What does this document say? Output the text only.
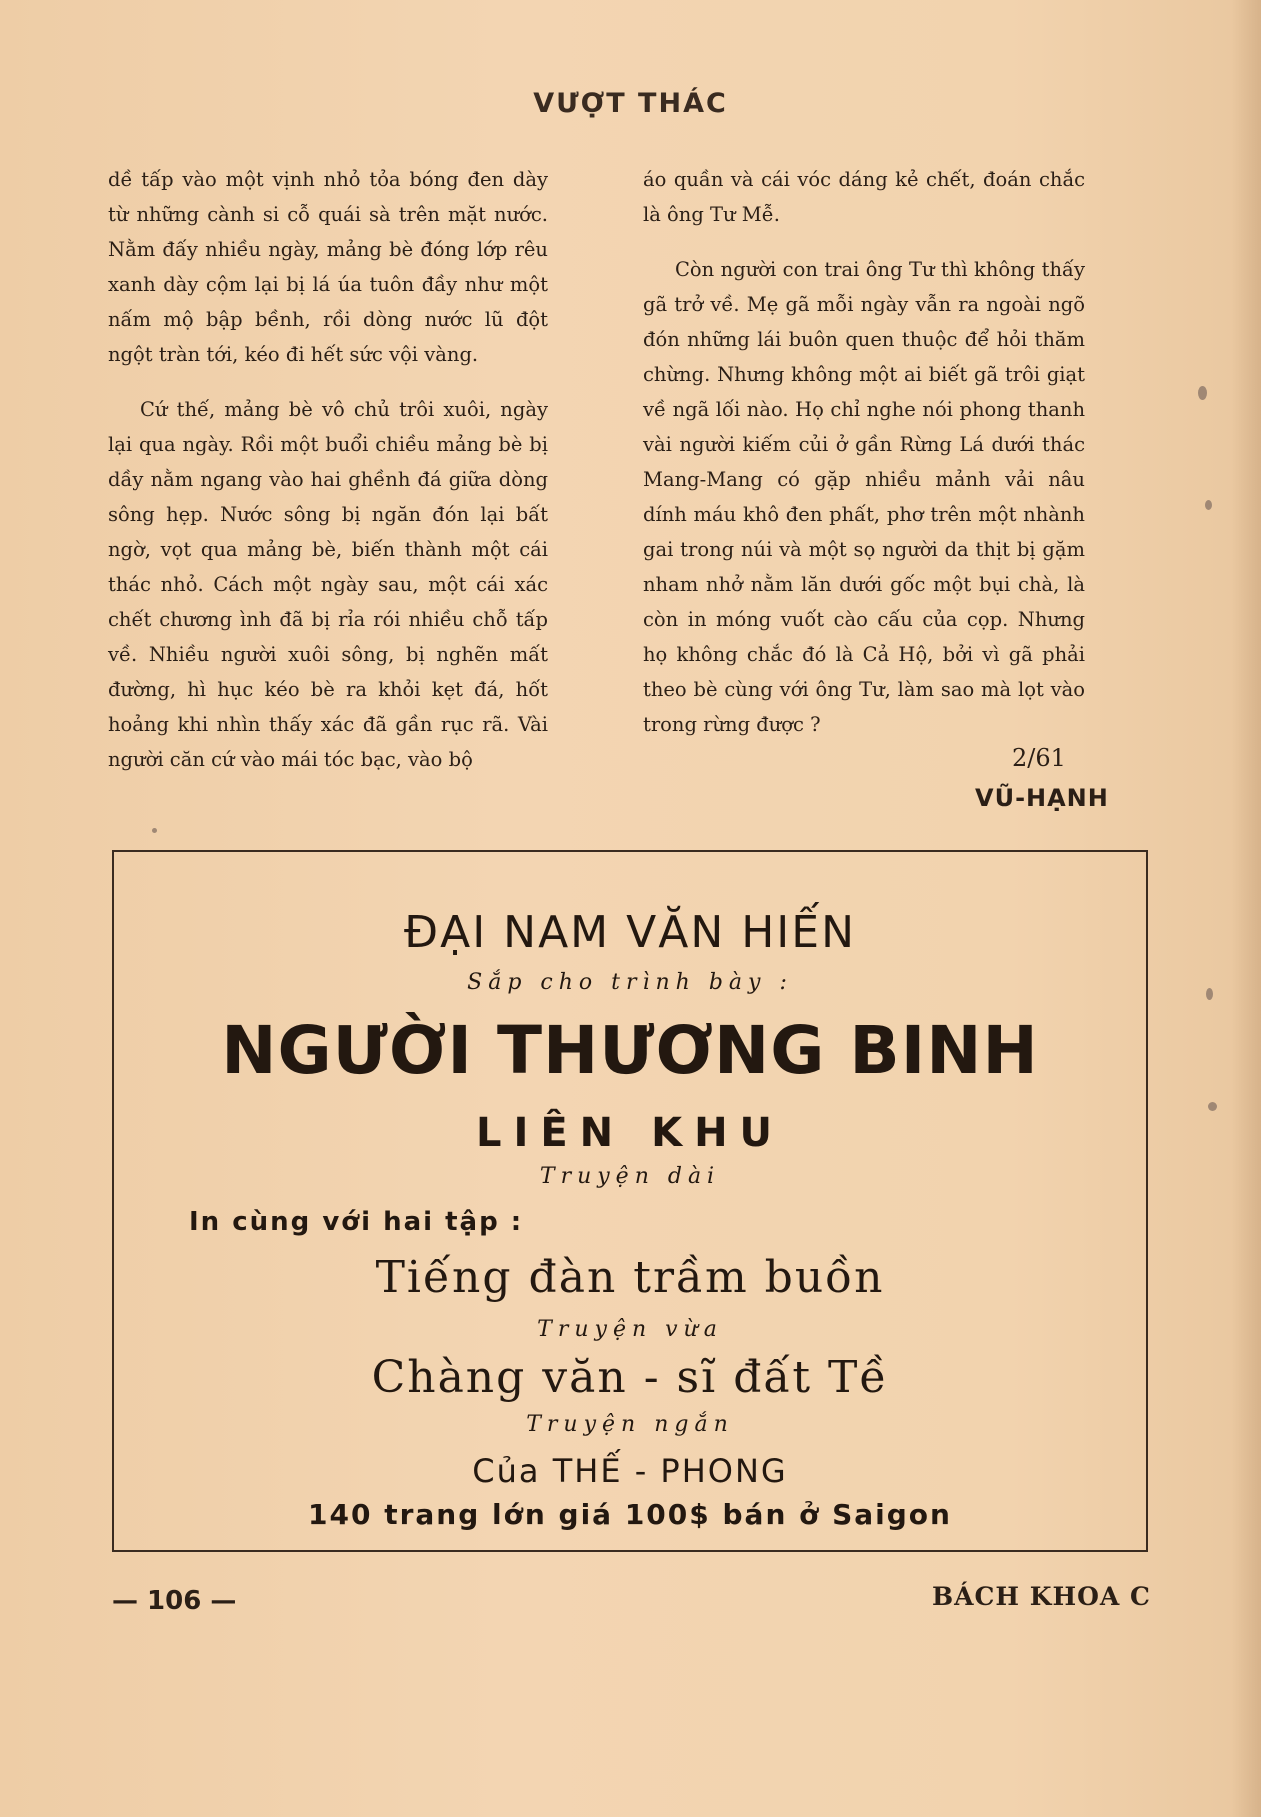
VƯỢT THÁC

dề tấp vào một vịnh nhỏ tỏa bóng đen dày từ những cành si cỗ quái sà trên mặt nước. Nằm đấy nhiều ngày, mảng bè đóng lớp rêu xanh dày cộm lại bị lá úa tuôn đầy như một nấm mộ bập bềnh, rồi dòng nước lũ đột ngột tràn tới, kéo đi hết sức vội vàng.

Cứ thế, mảng bè vô chủ trôi xuôi, ngày lại qua ngày. Rồi một buổi chiều mảng bè bị dầy nằm ngang vào hai ghềnh đá giữa dòng sông hẹp. Nước sông bị ngăn đón lại bất ngờ, vọt qua mảng bè, biến thành một cái thác nhỏ. Cách một ngày sau, một cái xác chết chương ình đã bị rỉa rói nhiều chỗ tấp về. Nhiều người xuôi sông, bị nghẽn mất đường, hì hục kéo bè ra khỏi kẹt đá, hốt hoảng khi nhìn thấy xác đã gần rục rã. Vài người căn cứ vào mái tóc bạc, vào bộ

áo quần và cái vóc dáng kẻ chết, đoán chắc là ông Tư Mễ.

Còn người con trai ông Tư thì không thấy gã trở về. Mẹ gã mỗi ngày vẫn ra ngoài ngõ đón những lái buôn quen thuộc để hỏi thăm chừng. Nhưng không một ai biết gã trôi giạt về ngã lối nào. Họ chỉ nghe nói phong thanh vài người kiếm củi ở gần Rừng Lá dưới thác Mang-Mang có gặp nhiều mảnh vải nâu dính máu khô đen phất, phơ trên một nhành gai trong núi và một sọ người da thịt bị gặm nham nhở nằm lăn dưới gốc một bụi chà, là còn in móng vuốt cào cấu của cọp. Nhưng họ không chắc đó là Cả Hộ, bởi vì gã phải theo bè cùng với ông Tư, làm sao mà lọt vào trong rừng được ?

2/61
VŨ-HẠNH
ĐẠI NAM VĂN HIẾN
Sắp cho trình bày :
NGƯỜI THƯƠNG BINH
LIÊN KHU
Truyện dài
In cùng với hai tập :
Tiếng đàn trầm buồn
Truyện vừa
Chàng văn - sĩ đất Tề
Truyện ngắn
Của THẾ - PHONG
140 trang lớn giá 100$ bán ở Saigon
— 106 —	BÁCH KHOA C
